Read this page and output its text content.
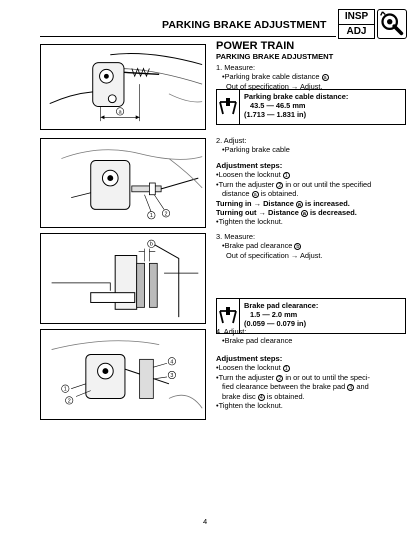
PARKING BRAKE ADJUSTMENT
INSP
ADJ
a
1 2
b
1
2
3
4

POWER TRAIN

PARKING BRAKE ADJUSTMENT

1. Measure:

•Parking brake cable distance a

Out of specification → Adjust.

Parking brake cable distance:

43.5 — 46.5 mm

(1.713 — 1.831 in)

2. Adjust:

•Parking brake cable

Adjustment steps:

•Loosen the locknut 1

•Turn the adjuster 2 in or out until the specified

distance a is obtained.

Turning in → Distance a is increased.

Turning out → Distance a is decreased.

•Tighten the locknut.

3. Measure:

•Brake pad clearance b

Out of specification → Adjust.

Brake pad clearance:

1.5 — 2.0 mm

(0.059 — 0.079 in)

4. Adjust:

•Brake pad clearance

Adjustment steps:

•Loosen the locknut 1

•Turn the adjuster 2 in or out to until the speci-

fied clearance between the brake pad 3 and

brake disc 4 is obtained.

•Tighten the locknut.

4
